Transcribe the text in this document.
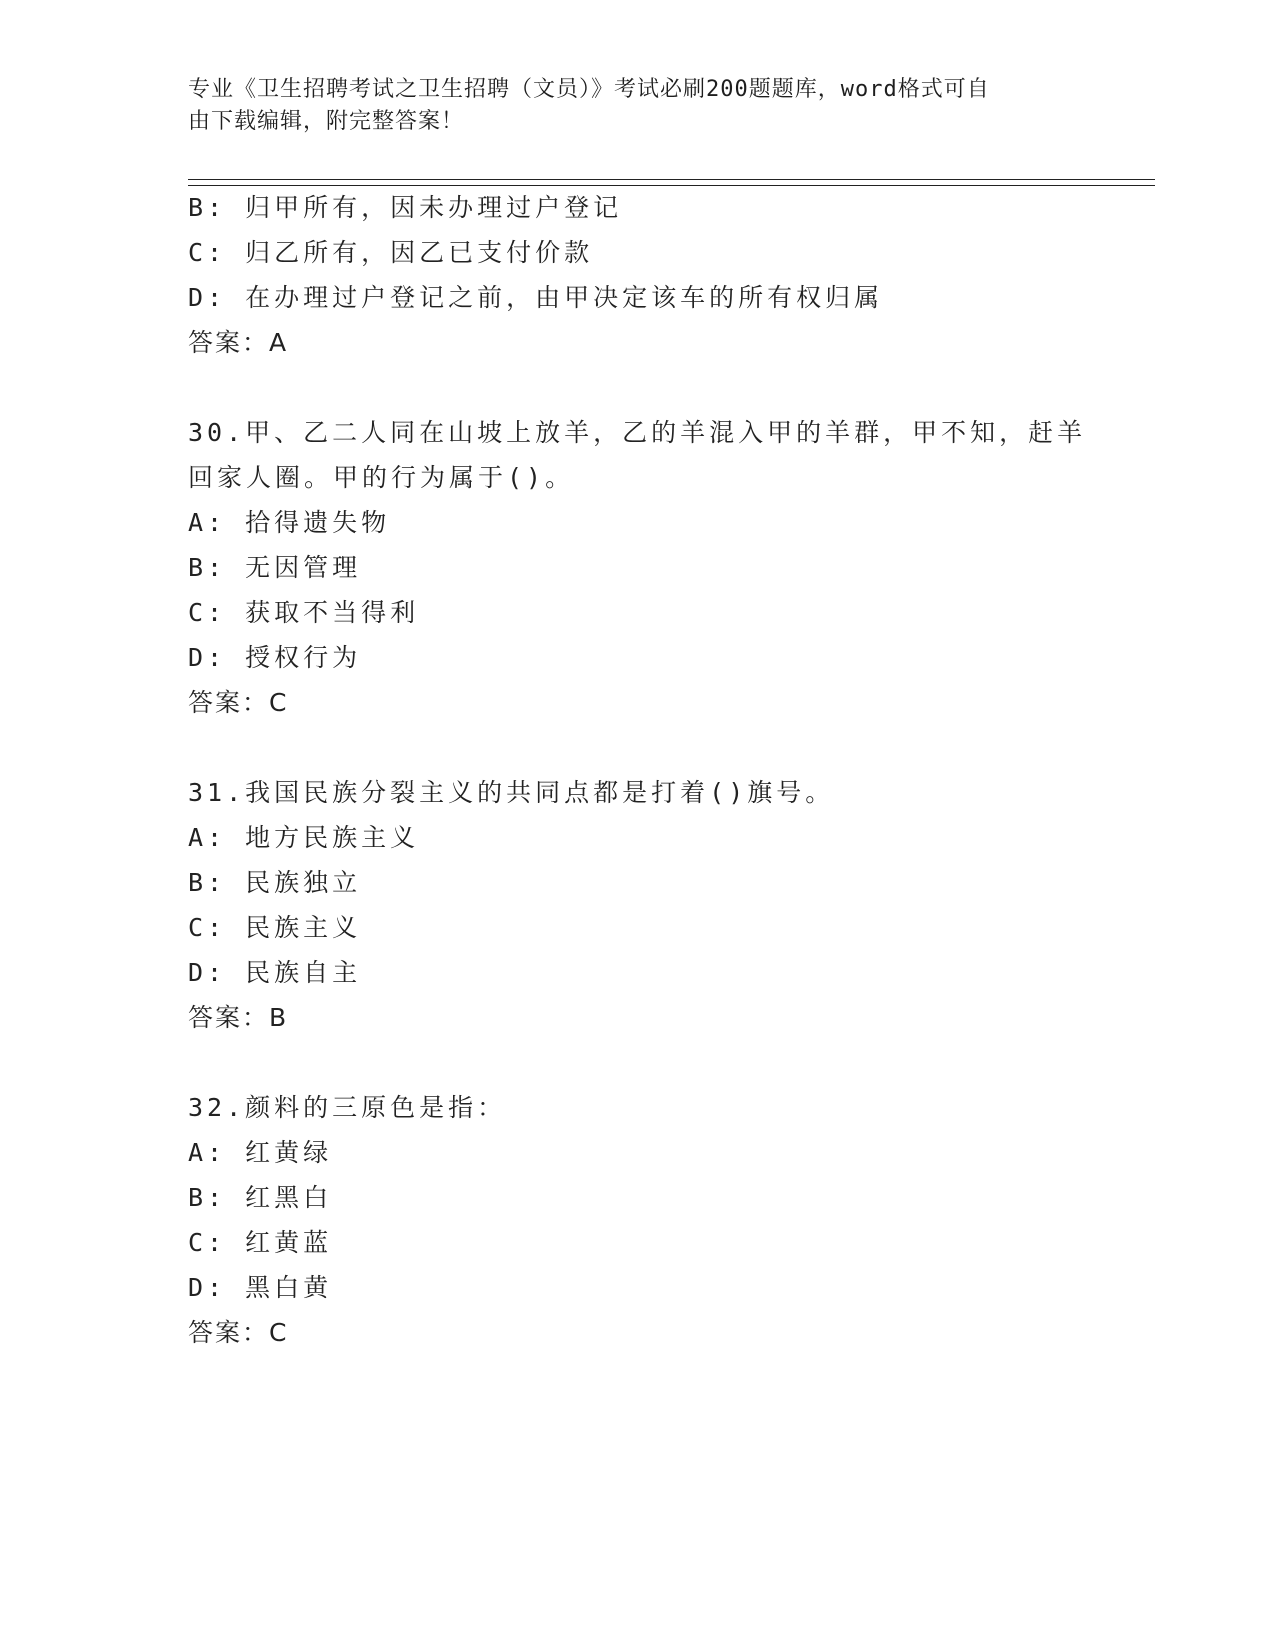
专业《卫生招聘考试之卫生招聘（文员）》考试必刷200题题库，word格式可自
由下载编辑，附完整答案！
B: 归甲所有，因未办理过户登记
C: 归乙所有，因乙已支付价款
D: 在办理过户登记之前，由甲决定该车的所有权归属
答案：A
30.甲、乙二人同在山坡上放羊，乙的羊混入甲的羊群，甲不知，赶羊
回家人圈。甲的行为属于()。
A: 拾得遗失物
B: 无因管理
C: 获取不当得利
D: 授权行为
答案：C
31.我国民族分裂主义的共同点都是打着()旗号。
A: 地方民族主义
B: 民族独立
C: 民族主义
D: 民族自主
答案：B
32.颜料的三原色是指：
A: 红黄绿
B: 红黑白
C: 红黄蓝
D: 黑白黄
答案：C
